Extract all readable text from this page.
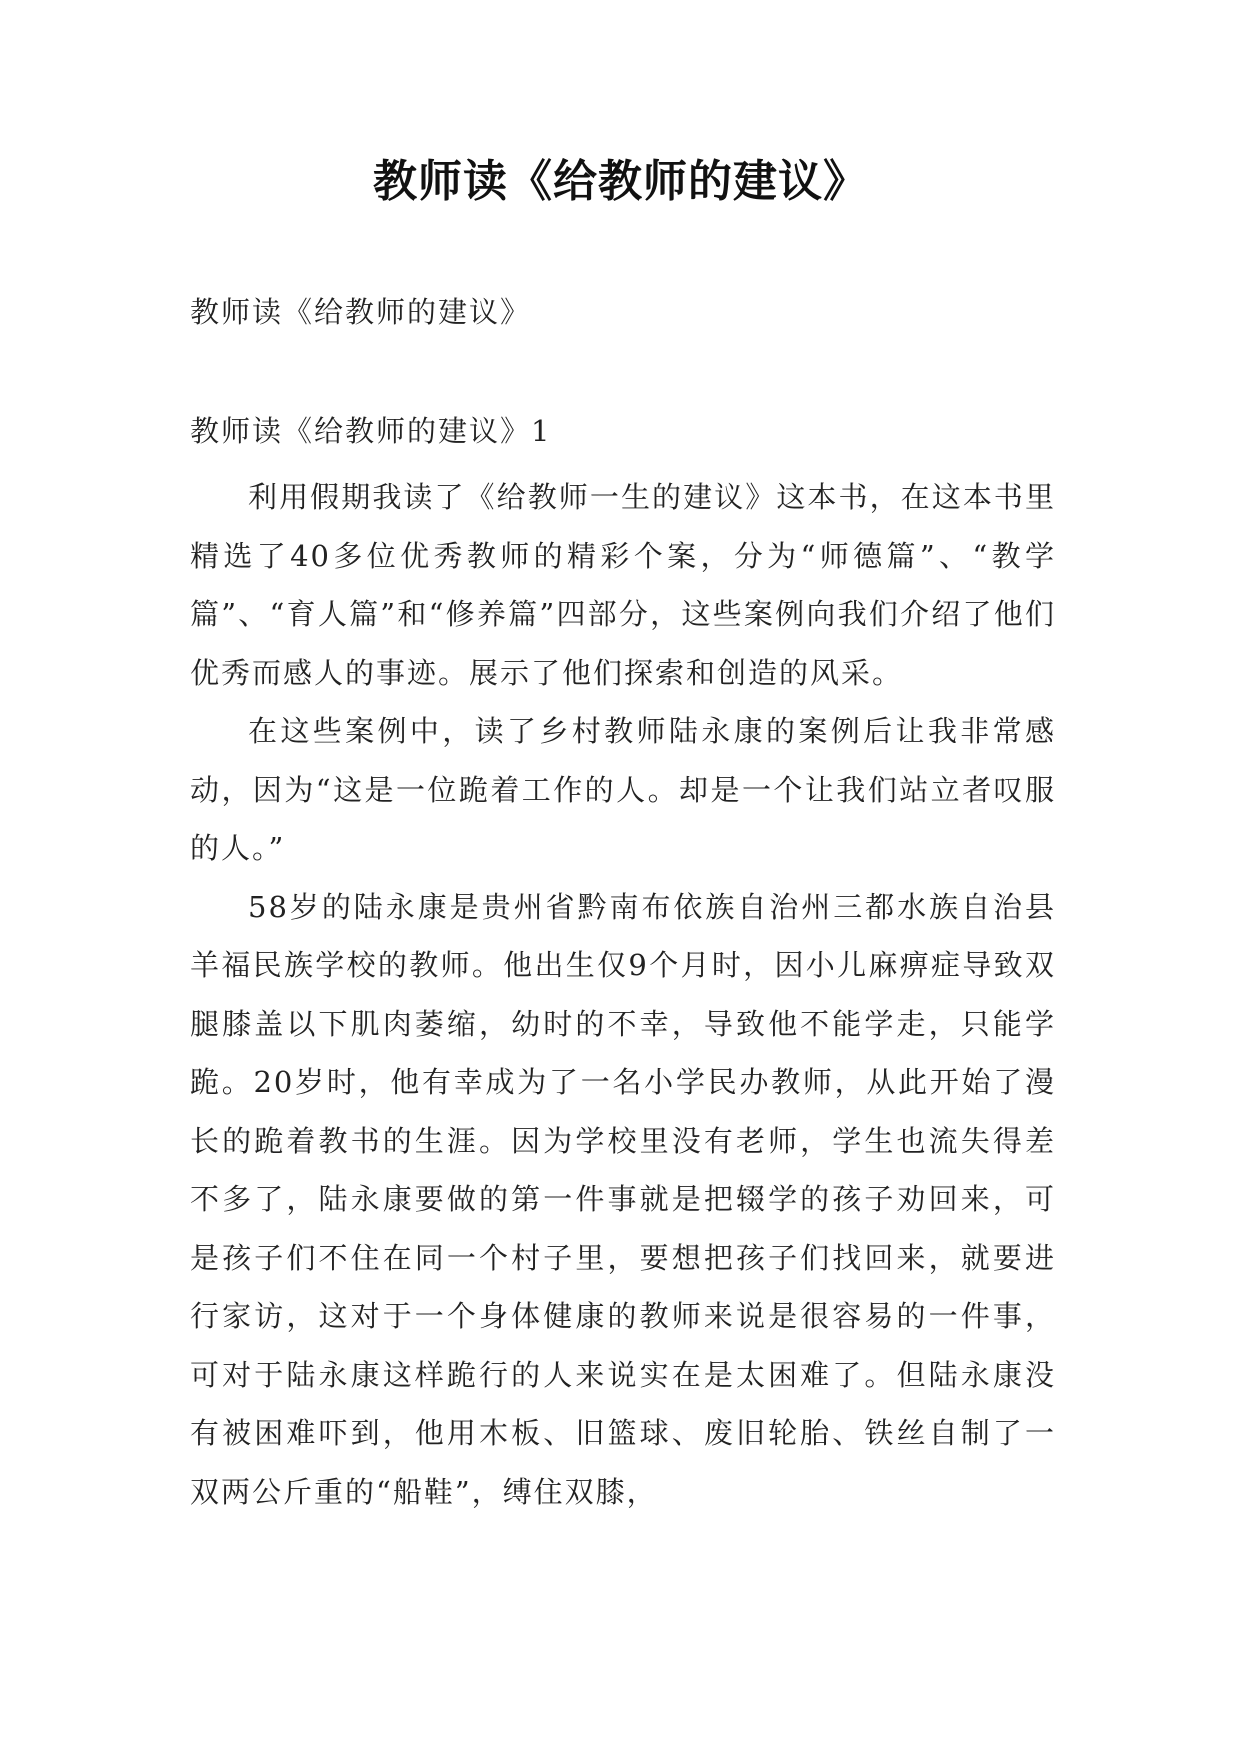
教师读《给教师的建议》
教师读《给教师的建议》
教师读《给教师的建议》1

利用假期我读了《给教师一生的建议》这本书，在这本书里精选了40多位优秀教师的精彩个案，分为“师德篇”、“教学篇”、“育人篇”和“修养篇”四部分，这些案例向我们介绍了他们优秀而感人的事迹。展示了他们探索和创造的风采。

在这些案例中，读了乡村教师陆永康的案例后让我非常感动，因为“这是一位跪着工作的人。却是一个让我们站立者叹服的人。”

58岁的陆永康是贵州省黔南布依族自治州三都水族自治县羊福民族学校的教师。他出生仅9个月时，因小儿麻痹症导致双腿膝盖以下肌肉萎缩，幼时的不幸，导致他不能学走，只能学跪。20岁时，他有幸成为了一名小学民办教师，从此开始了漫长的跪着教书的生涯。因为学校里没有老师，学生也流失得差不多了，陆永康要做的第一件事就是把辍学的孩子劝回来，可是孩子们不住在同一个村子里，要想把孩子们找回来，就要进行家访，这对于一个身体健康的教师来说是很容易的一件事，可对于陆永康这样跪行的人来说实在是太困难了。但陆永康没有被困难吓到，他用木板、旧篮球、废旧轮胎、铁丝自制了一双两公斤重的“船鞋”，缚住双膝，
